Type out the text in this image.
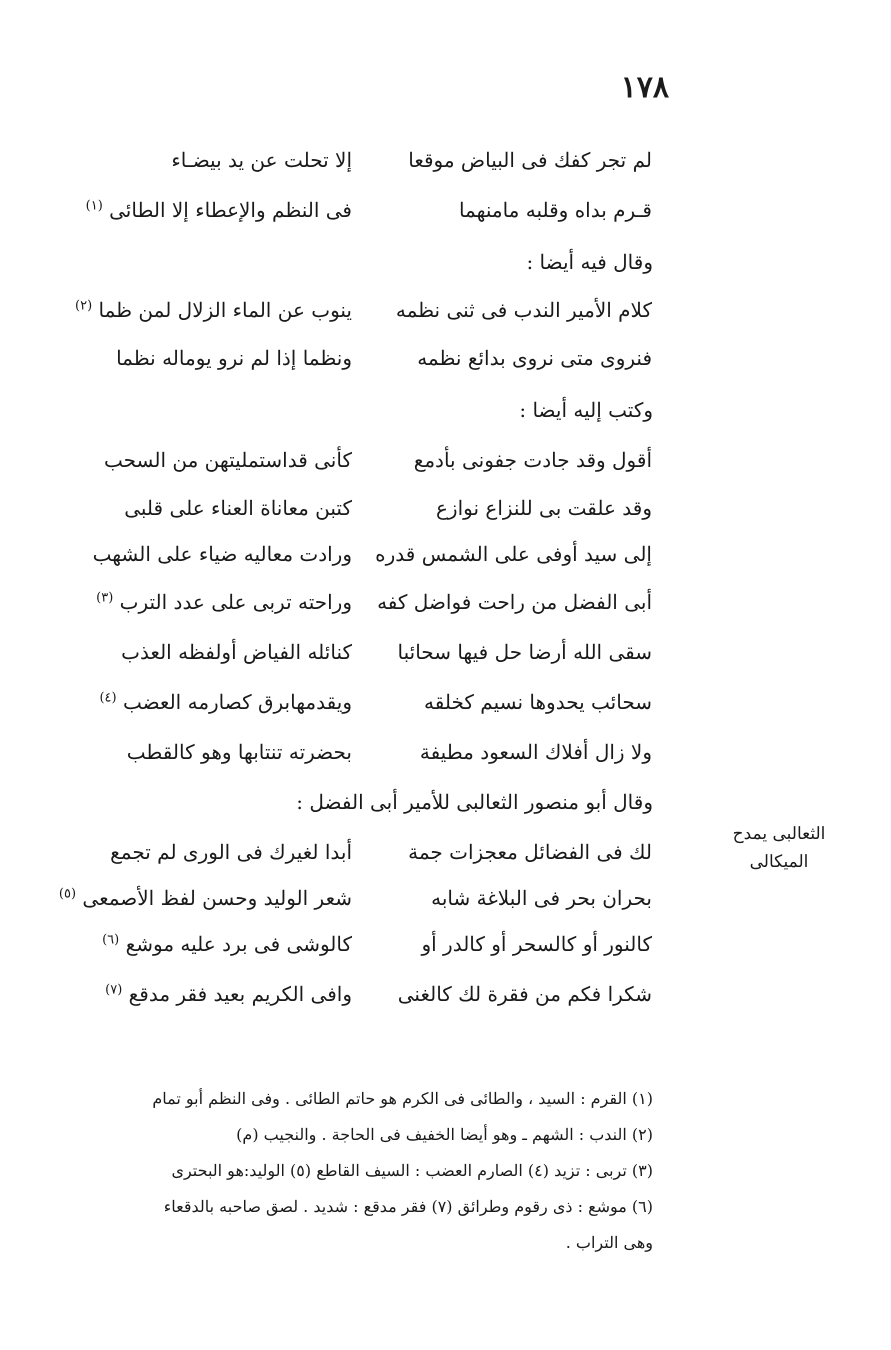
١٧٨
لم تجر كفك فى البياض موقعا
إلا تحلت عن يد بيضـاء
قـرم بداه وقلبه مامنهما
فى النظم والإعطاء إلا الطائى $^{(١)}$
وقال فيه أيضا :
كلام الأمير الندب فى ثنى نظمه
ينوب عن الماء الزلال لمن ظما $^{(٢)}$
فنروى متى نروى بدائع نظمه
ونظما إذا لم نرو يوماله نظما
وكتب إليه أيضا :
أقول وقد جادت جفونى بأدمع
كأنى قداستمليتهن من السحب
وقد علقت بى للنزاع نوازع
كتبن معاناة العناء على قلبى
إلى سيد أوفى على الشمس قدره
ورادت معاليه ضياء على الشهب
أبى الفضل من راحت فواضل كفه
وراحته تربى على عدد الترب $^{(٣)}$
سقى الله أرضا حل فيها سحائبا
كنائله الفياض أولفظه العذب
سحائب يحدوها نسيم كخلقه
ويقدمهابرق كصارمه العضب $^{(٤)}$
ولا زال أفلاك السعود مطيفة
بحضرته تنتابها وهو كالقطب
وقال أبو منصور الثعالبى للأمير أبى الفضل :
الثعالبى يمدح الميكالى
لك فى الفضائل معجزات جمة
أبدا لغيرك فى الورى لم تجمع
بحران بحر فى البلاغة شابه
شعر الوليد وحسن لفظ الأصمعى $^{(٥)}$
كالنور أو كالسحر أو كالدر أو
كالوشى فى برد عليه موشع $^{(٦)}$
شكرا فكم من فقرة لك كالغنى
وافى الكريم بعيد فقر مدقع $^{(٧)}$
(١) القرم : السيد ، والطائى فى الكرم هو حاتم الطائى . وفى النظم أبو تمام
(٢) الندب : الشهم ـ وهو أيضا الخفيف فى الحاجة . والنجيب (م)
(٣) تربى : تزيد (٤) الصارم العضب : السيف القاطع (٥) الوليد:هو البحترى
(٦) موشع : ذى رقوم وطرائق (٧) فقر مدقع : شديد . لصق صاحبه بالدقعاء
وهى التراب .
